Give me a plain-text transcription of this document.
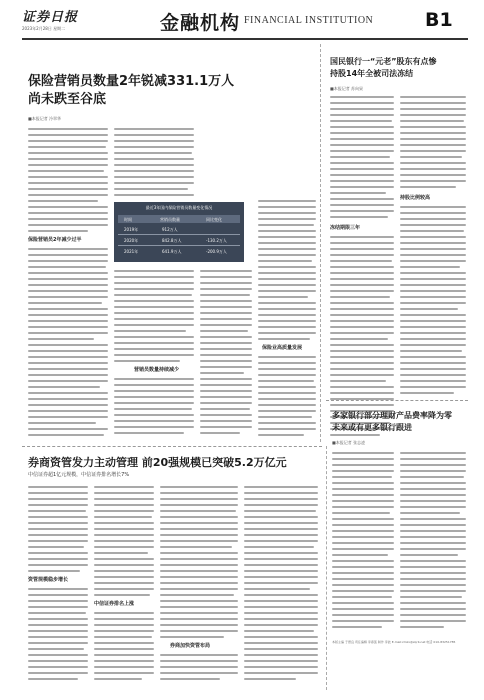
证券日报
2023年2月28日 星期二	金融机构 FINANCIAL INSTITUTION	B1
保险营销员数量2年锐减331.1万人
尚未跌至谷底
■本报记者 冷翠华
保险营销员2年减少过半
最近3年国内保险营销员数量变化情况
时间	营销员数量	同比变化
2019年	912万人
2020年	842.8万人	-130.2万人
2021年	641.9万人	-200.9万人
营销员数量持续减少
保险业高质量发展
国民银行一“元老”股东有点惨
持股14年全被司法冻结
■本报记者 苏向杲
冻结期限三年
持股比例较高
多家银行部分理财产品费率降为零
未来或有更多银行跟进
■本报记者 张志凌
本版主编 于德良 责任编辑 李春莲 制作 李波 E-mail:zmzx@zqrb.net 电话 010-83251785
券商资管发力主动管理 前20强规模已突破5.2万亿元
中信证券超1亿元规模，中信证券排名增长7%
资管规模稳步增长
中信证券排名上涨
券商加快资管布局
